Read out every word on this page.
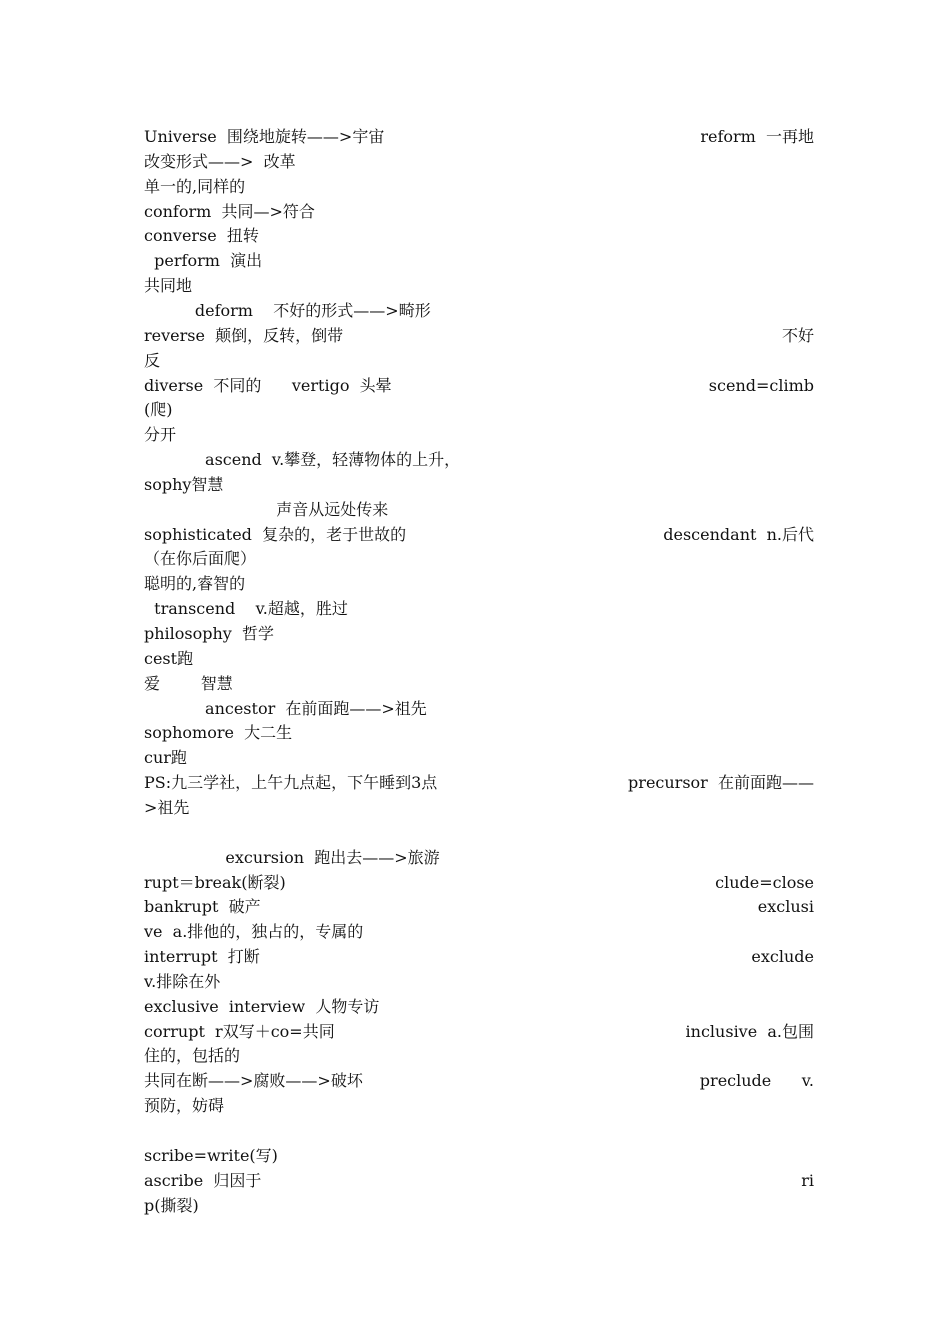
Universe  围绕地旋转——>宇宙	reform  一再地
改变形式——>  改革
单一的,同样的
conform  共同—>符合
converse  扭转
perform  演出
共同地
deform    不好的形式——>畸形
reverse  颠倒，反转，倒带	不好
反
diverse  不同的      vertigo  头晕	scend=climb
(爬)
分开
ascend  v.攀登，轻薄物体的上升，
sophy智慧
声音从远处传来
sophisticated  复杂的，老于世故的	descendant  n.后代
（在你后面爬）
聪明的,睿智的
transcend    v.超越，胜过
philosophy  哲学
cest跑
爱        智慧
ancestor  在前面跑——>祖先
sophomore  大二生
cur跑
PS:九三学社，上午九点起，下午睡到3点	precursor  在前面跑——
>祖先
excursion  跑出去——>旅游
rupt＝break(断裂)	clude=close
bankrupt  破产	exclusi
ve  a.排他的，独占的，专属的
interrupt  打断	exclude
v.排除在外
exclusive  interview  人物专访
corrupt  r双写＋co=共同	inclusive  a.包围
住的，包括的
共同在断——>腐败——>破坏	preclude      v.
预防，妨碍
scribe=write(写)
ascribe  归因于	ri
p(撕裂)
